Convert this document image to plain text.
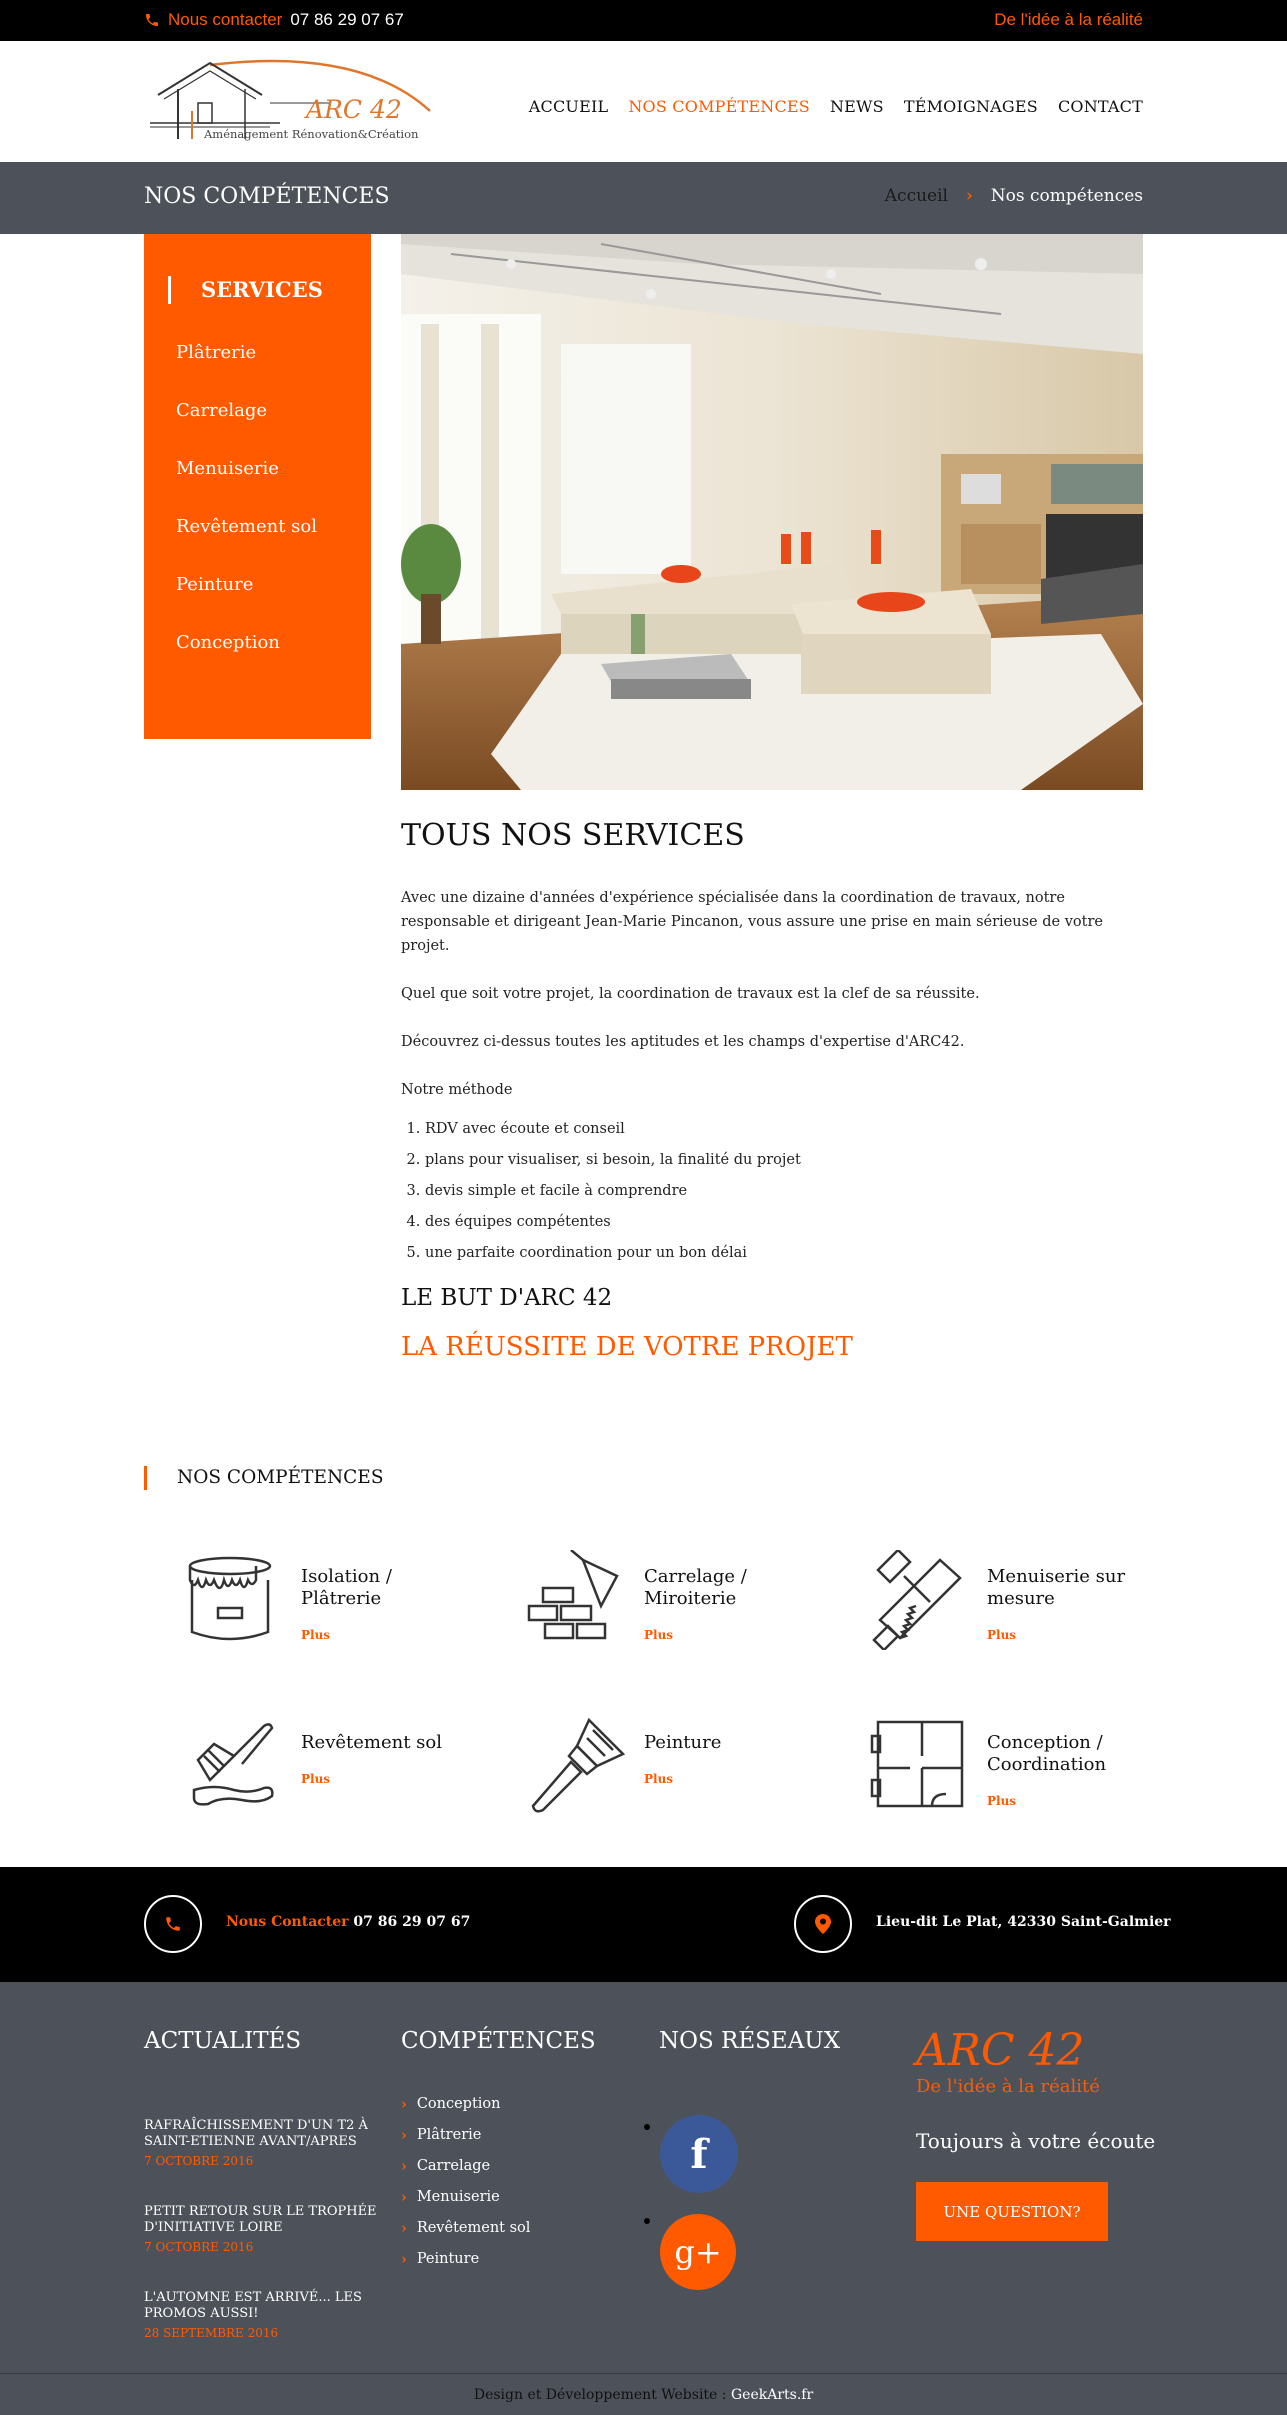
Nous contacter 07 86 29 07 67	De l'idée à la réalité
ARC 42
Aménagement Rénovation&Création
ACCUEIL NOS COMPÉTENCES NEWS TÉMOIGNAGES CONTACT
NOS COMPÉTENCES	Accueil › Nos compétences
SERVICES
Plâtrerie
Carrelage
Menuiserie
Revêtement sol
Peinture
Conception
TOUS NOS SERVICES

Avec une dizaine d'années d'expérience spécialisée dans la coordination de travaux, notre responsable et dirigeant Jean-Marie Pincanon, vous assure une prise en main sérieuse de votre projet.

Quel que soit votre projet, la coordination de travaux est la clef de sa réussite.

Découvrez ci-dessus toutes les aptitudes et les champs d'expertise d'ARC42.

Notre méthode

1. RDV avec écoute et conseil
2. plans pour visualiser, si besoin, la finalité du projet
3. devis simple et facile à comprendre
4. des équipes compétentes
5. une parfaite coordination pour un bon délai
LE BUT D'ARC 42
LA RÉUSSITE DE VOTRE PROJET
NOS COMPÉTENCES
Isolation / Plâtrerie
Plus
Carrelage / Miroiterie
Plus
Menuiserie sur mesure
Plus
Revêtement sol
Plus
Peinture
Plus
Conception / Coordination
Plus
Nous Contacter 07 86 29 07 67	Lieu-dit Le Plat, 42330 Saint-Galmier
ACTUALITÉS
RAFRAÎCHISSEMENT D'UN T2 À SAINT-ETIENNE AVANT/APRES
7 OCTOBRE 2016
PETIT RETOUR SUR LE TROPHÉE D'INITIATIVE LOIRE
7 OCTOBRE 2016
L'AUTOMNE EST ARRIVÉ... LES PROMOS AUSSI!
28 SEPTEMBRE 2016
COMPÉTENCES
› Conception
› Plâtrerie
› Carrelage
› Menuiserie
› Revêtement sol
› Peinture
NOS RÉSEAUX
f
g+
ARC 42
De l'idée à la réalité
Toujours à votre écoute
UNE QUESTION?
Design et Développement Website : GeekArts.fr
